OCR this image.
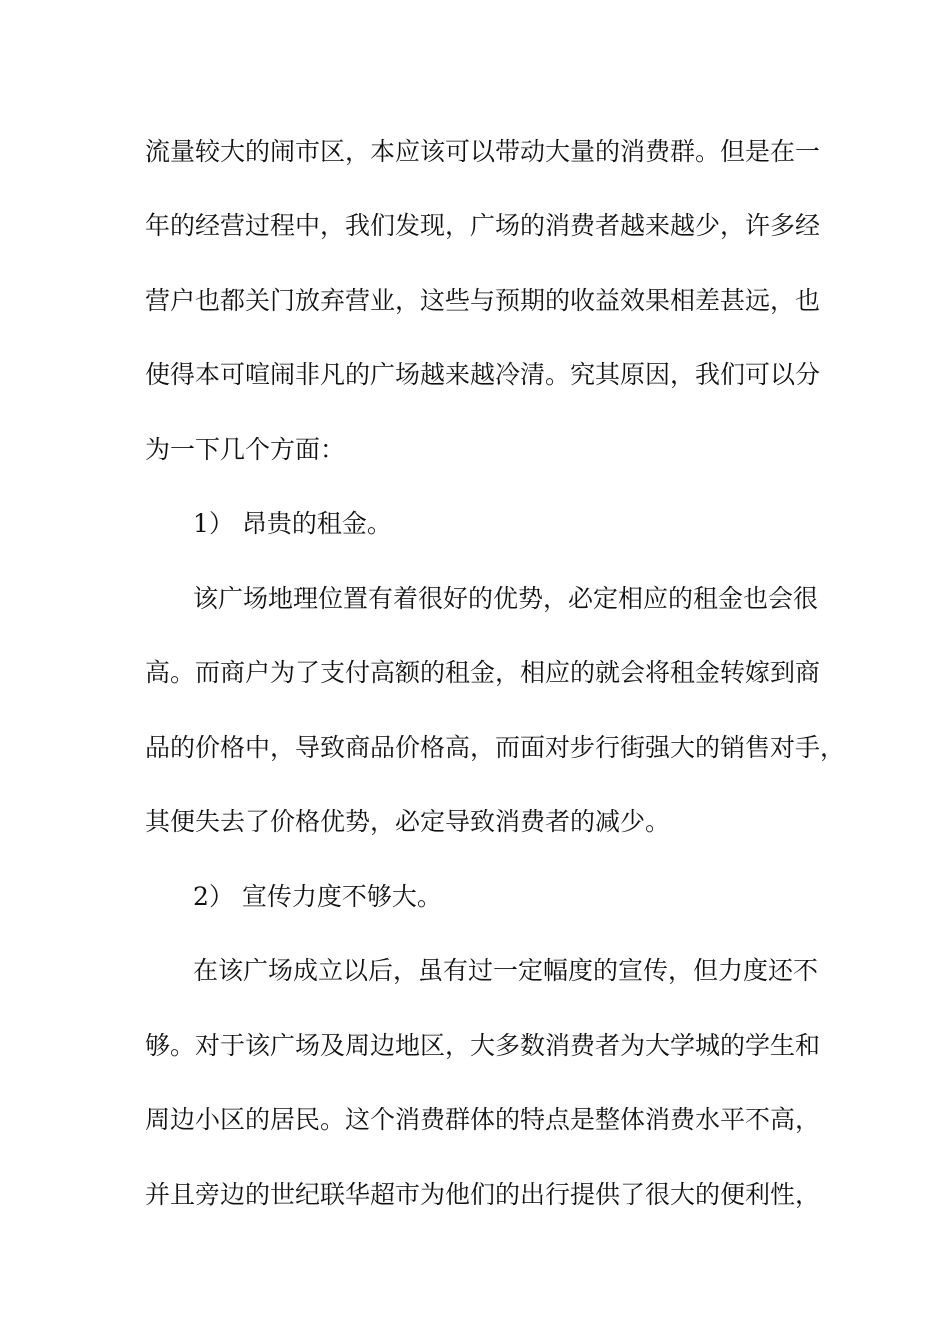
流量较大的闹市区，本应该可以带动大量的消费群。但是在一
年的经营过程中，我们发现，广场的消费者越来越少，许多经
营户也都关门放弃营业，这些与预期的收益效果相差甚远，也
使得本可喧闹非凡的广场越来越冷清。究其原因，我们可以分
为一下几个方面：
1） 昂贵的租金。
该广场地理位置有着很好的优势，必定相应的租金也会很
高。而商户为了支付高额的租金，相应的就会将租金转嫁到商
品的价格中，导致商品价格高，而面对步行街强大的销售对手，
其便失去了价格优势，必定导致消费者的减少。
2） 宣传力度不够大。
在该广场成立以后，虽有过一定幅度的宣传，但力度还不
够。对于该广场及周边地区，大多数消费者为大学城的学生和
周边小区的居民。这个消费群体的特点是整体消费水平不高，
并且旁边的世纪联华超市为他们的出行提供了很大的便利性，
